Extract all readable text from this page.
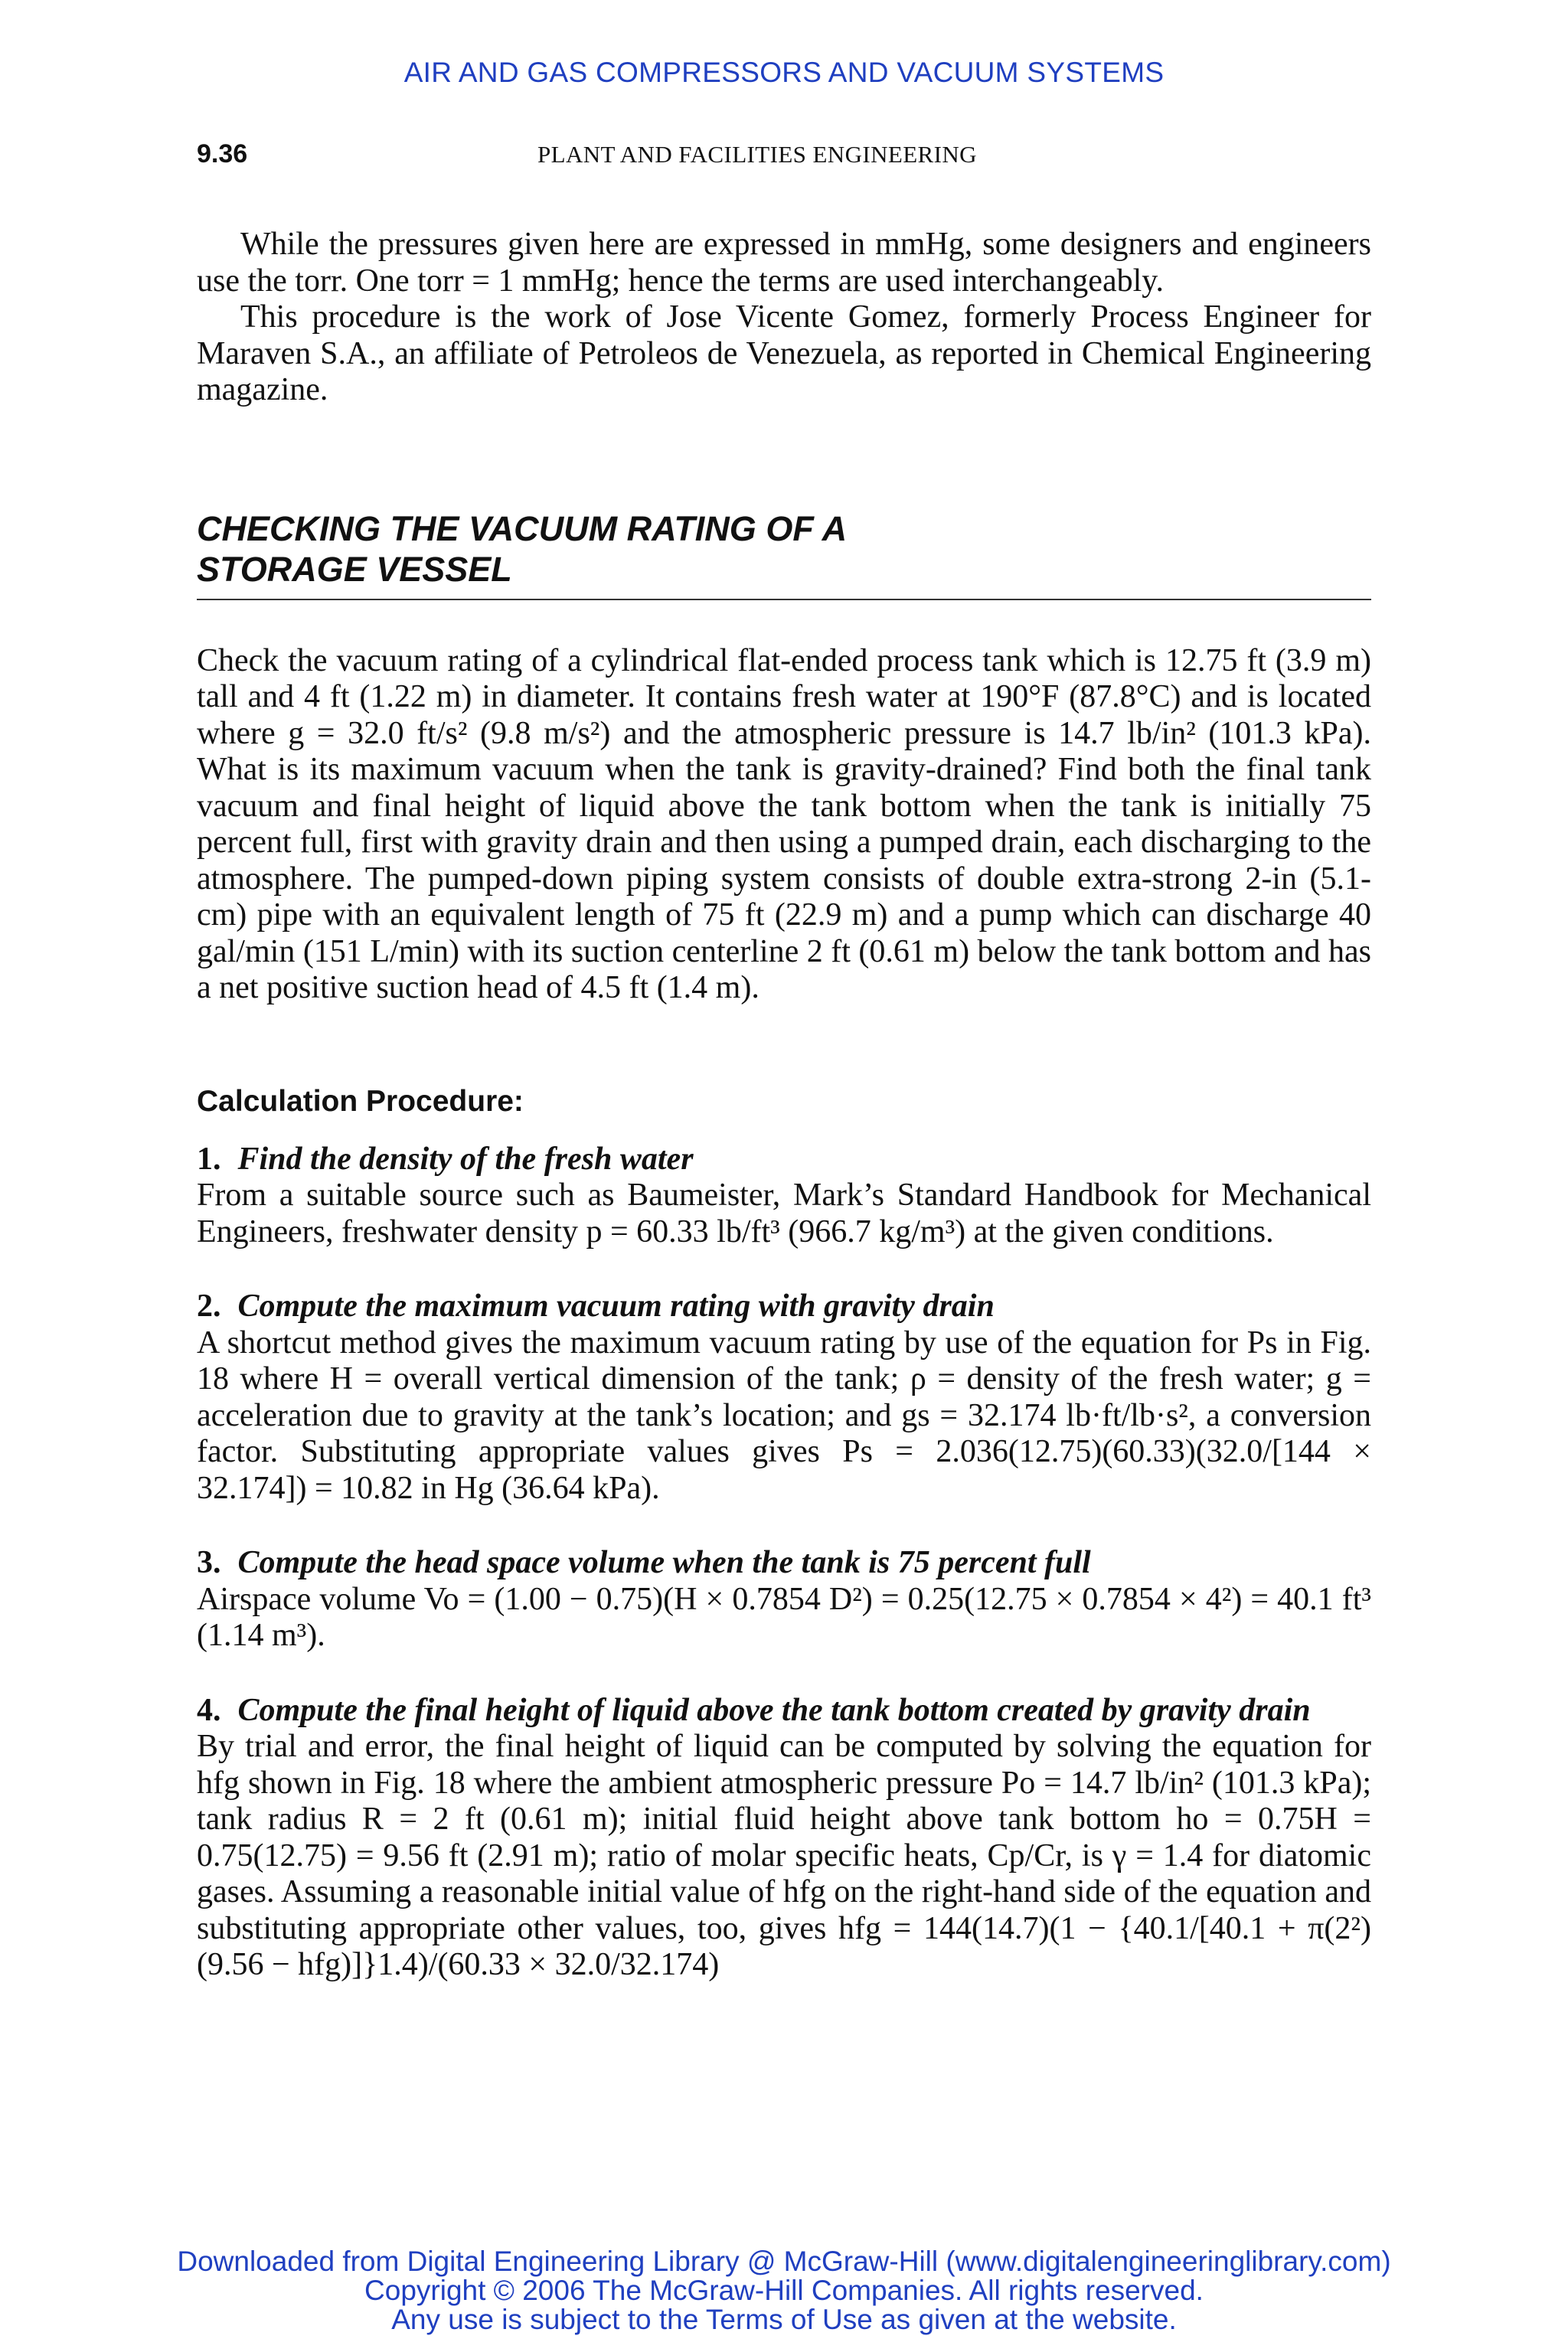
AIR AND GAS COMPRESSORS AND VACUUM SYSTEMS
9.36	PLANT AND FACILITIES ENGINEERING

While the pressures given here are expressed in mmHg, some designers and engineers use the torr. One torr = 1 mmHg; hence the terms are used interchangeably.

This procedure is the work of Jose Vicente Gomez, formerly Process Engineer for Maraven S.A., an affiliate of Petroleos de Venezuela, as reported in Chemical Engineering magazine.

CHECKING THE VACUUM RATING OF A
STORAGE VESSEL

Check the vacuum rating of a cylindrical flat-ended process tank which is 12.75 ft (3.9 m) tall and 4 ft (1.22 m) in diameter. It contains fresh water at 190°F (87.8°C) and is located where g = 32.0 ft/s² (9.8 m/s²) and the atmospheric pressure is 14.7 lb/in² (101.3 kPa). What is its maximum vacuum when the tank is gravity-drained? Find both the final tank vacuum and final height of liquid above the tank bottom when the tank is initially 75 percent full, first with gravity drain and then using a pumped drain, each discharging to the atmosphere. The pumped-down piping system consists of double extra-strong 2-in (5.1-cm) pipe with an equivalent length of 75 ft (22.9 m) and a pump which can discharge 40 gal/min (151 L/min) with its suction centerline 2 ft (0.61 m) below the tank bottom and has a net positive suction head of 4.5 ft (1.4 m).

Calculation Procedure:
1. Find the density of the fresh water

From a suitable source such as Baumeister, Mark’s Standard Handbook for Mechanical Engineers, freshwater density p = 60.33 lb/ft³ (966.7 kg/m³) at the given conditions.

2. Compute the maximum vacuum rating with gravity drain

A shortcut method gives the maximum vacuum rating by use of the equation for Ps in Fig. 18 where H = overall vertical dimension of the tank; ρ = density of the fresh water; g = acceleration due to gravity at the tank’s location; and gs = 32.174 lb·ft/lb·s², a conversion factor. Substituting appropriate values gives Ps = 2.036(12.75)(60.33)(32.0/[144 × 32.174]) = 10.82 in Hg (36.64 kPa).

3. Compute the head space volume when the tank is 75 percent full

Airspace volume Vo = (1.00 − 0.75)(H × 0.7854 D²) = 0.25(12.75 × 0.7854 × 4²) = 40.1 ft³ (1.14 m³).

4. Compute the final height of liquid above the tank bottom created by gravity drain

By trial and error, the final height of liquid can be computed by solving the equation for hfg shown in Fig. 18 where the ambient atmospheric pressure Po = 14.7 lb/in² (101.3 kPa); tank radius R = 2 ft (0.61 m); initial fluid height above tank bottom ho = 0.75H = 0.75(12.75) = 9.56 ft (2.91 m); ratio of molar specific heats, Cp/Cr, is γ = 1.4 for diatomic gases. Assuming a reasonable initial value of hfg on the right-hand side of the equation and substituting appropriate other values, too, gives hfg = 144(14.7)(1 − {40.1/[40.1 + π(2²)(9.56 − hfg)]}1.4)/(60.33 × 32.0/32.174)

Downloaded from Digital Engineering Library @ McGraw-Hill (www.digitalengineeringlibrary.com)
Copyright © 2006 The McGraw-Hill Companies. All rights reserved.
Any use is subject to the Terms of Use as given at the website.
